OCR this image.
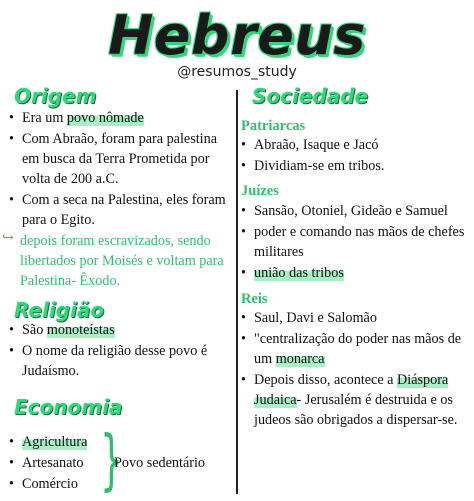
Hebreus
@resumos_study
Origem
• Era um povo nômade
• Com Abraão, foram para palestina em busca da Terra Prometida por volta de 200 a.C.
• Com a seca na Palestina, eles foram para o Egito.
↪ depois foram escravizados, sendo libertados por Moisés e voltam para Palestina- Êxodo.
Religião
• São monoteístas
• O nome da religião desse povo é Judaísmo.
Economia
• Agricultura
• Artesanato
• Comércio }
Povo sedentário
Sociedade
Patriarcas
• Abraão, Isaque e Jacó
• Dividiam-se em tribos.
Juízes
• Sansão, Otoniel, Gideão e Samuel
• poder e comando nas mãos de chefes militares
• união das tribos
Reis
• Saul, Davi e Salomão
• "centralização do poder nas mãos de um monarca
• Depois disso, acontece a Diáspora Judaica- Jerusalém é destruida e os judeos são obrigados a dispersar-se.
